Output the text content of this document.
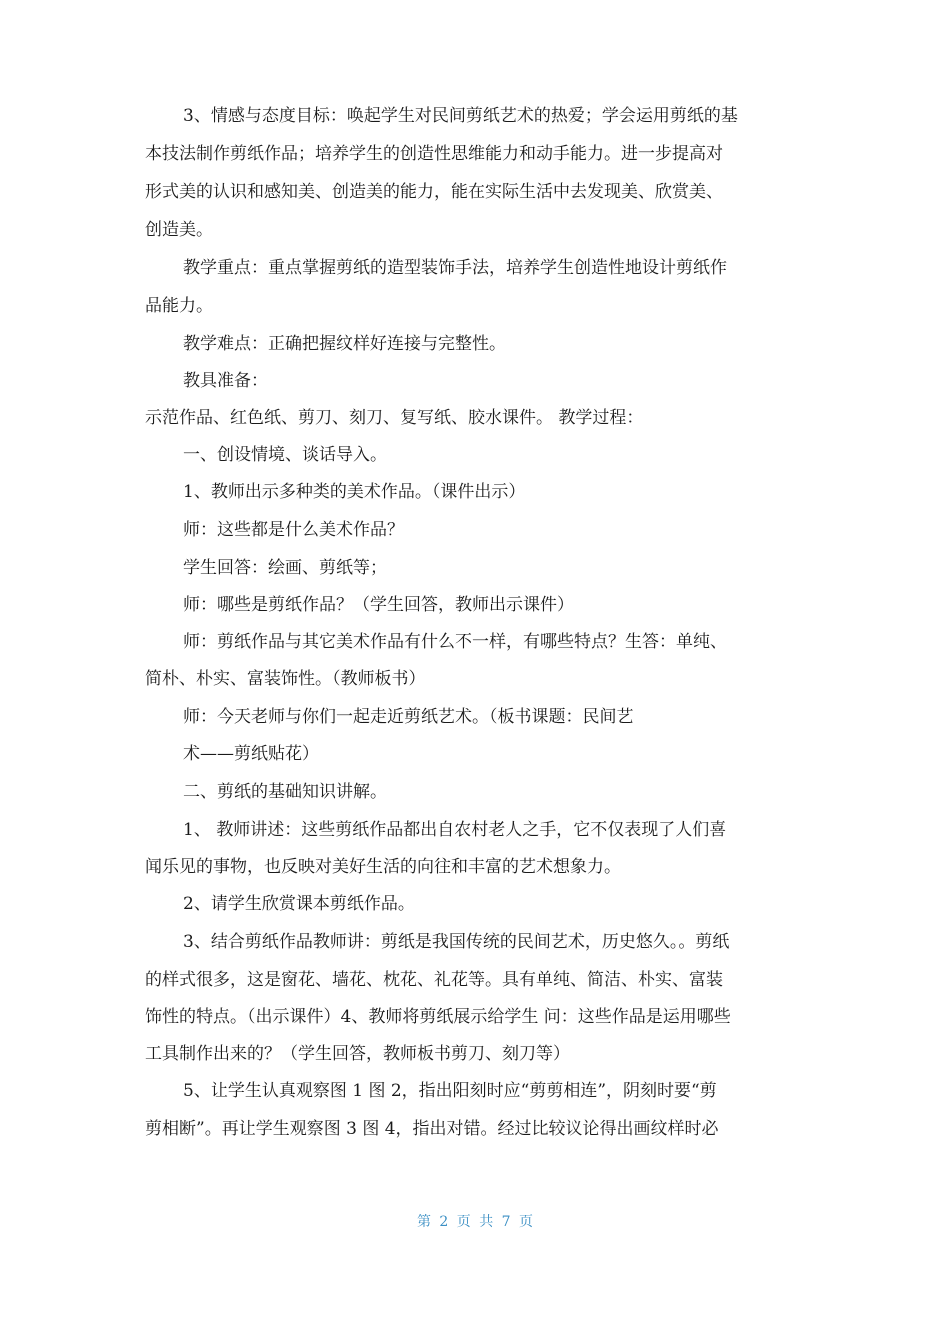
3、情感与态度目标：唤起学生对民间剪纸艺术的热爱；学会运用剪纸的基
本技法制作剪纸作品；培养学生的创造性思维能力和动手能力。进一步提高对
形式美的认识和感知美、创造美的能力，能在实际生活中去发现美、欣赏美、
创造美。
教学重点：重点掌握剪纸的造型装饰手法，培养学生创造性地设计剪纸作
品能力。
教学难点：正确把握纹样好连接与完整性。
教具准备：
示范作品、红色纸、剪刀、刻刀、复写纸、胶水课件。 教学过程：
一、创设情境、谈话导入。
1、教师出示多种类的美术作品。（课件出示）
师：这些都是什么美术作品？
学生回答：绘画、剪纸等；
师：哪些是剪纸作品？（学生回答，教师出示课件）
师：剪纸作品与其它美术作品有什么不一样，有哪些特点？生答：单纯、
简朴、朴实、富装饰性。（教师板书）
师：今天老师与你们一起走近剪纸艺术。（板书课题：民间艺
术——剪纸贴花）
二、剪纸的基础知识讲解。
1、 教师讲述：这些剪纸作品都出自农村老人之手，它不仅表现了人们喜
闻乐见的事物，也反映对美好生活的向往和丰富的艺术想象力。
2、请学生欣赏课本剪纸作品。
3、结合剪纸作品教师讲：剪纸是我国传统的民间艺术，历史悠久。。剪纸
的样式很多，这是窗花、墙花、枕花、礼花等。具有单纯、简洁、朴实、富装
饰性的特点。（出示课件）4、教师将剪纸展示给学生 问：这些作品是运用哪些
工具制作出来的？（学生回答，教师板书剪刀、刻刀等）
5、让学生认真观察图 1 图 2，指出阳刻时应“剪剪相连”，阴刻时要“剪
剪相断”。再让学生观察图 3 图 4，指出对错。经过比较议论得出画纹样时必
第 2 页 共 7 页
